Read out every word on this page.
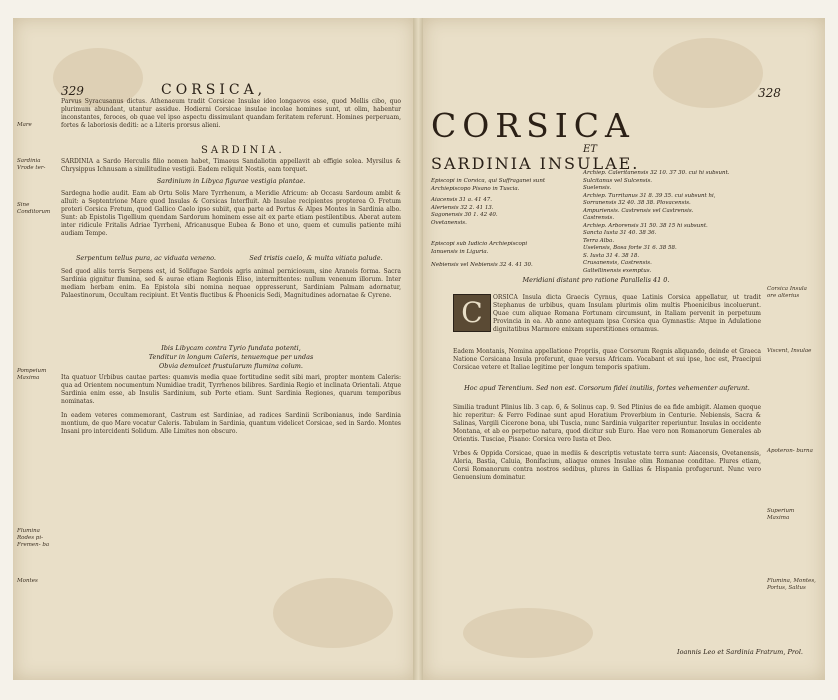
329	CORSICA,

Parvus Syracusanus dictus. Athenaeum tradit Corsicae Insulae ideo longaevos esse, quod Mellis cibo, quo plurimum abundant, utantur assidue. Hodierni Corsicae insulae incolae homines sunt, ut olim, habentur inconstantes, feroces, ob quae vel ipso aspectu dissimulant quandam feritatem referunt. Homines perperuam, fortes & laboriosis dediti: ac a Literis prorsus alieni.

SARDINIA.

SARDINIA a Sardo Herculis filio nomen habet, Timaeus Sandaliotin appellavit ab effigie solea. Myrsilus & Chrysippus Ichnusam a similitudine vestigii. Eadem reliquit Nostis, eam torquet.

Sardinium in Libyca figurae vestigia plantae.

Sardegna hodie audit. Eam ab Ortu Solis Mare Tyrrhenum, a Meridie Africum: ab Occasu Sardoum ambit & alluit: a Septentrione Mare quod Insulas & Corsicas Interfluit. Ab Insulae recipientes propterea O. Fretum proteri Corsica Fretum, quod Gallico Caelo ipso subiit, qua parte ad Portus & Alpes Montes in Sardinia albo. Sunt: ab Epistolis Tigellium quendam Sardorum hominem esse ait ex parte etiam pestilentibus. Aberat autem inter ridicule Fritalis Adriae Tyrrheni, Africanusque Eubea & Bono et uno, quem et cumulis patiente mihi audiam Tempe.

Serpentum tellus pura, ac viduata veneno.	Sed tristis caelo, & multa vitiata palude.

Sed quod aliis terris Serpens est, id Solifugae Sardois agris animal perniciosum, sine Araneis forma. Sacra Sardinia gignitur flumina, sed & aurae etiam Regionis Eliso, intermittentes: nullum venenum illorum. Inter mediam herbam enim. Ea Epistola sibi nomina nequae oppresserunt, Sardiniam Palmam adornatur, Palaestinorum, Occultam recipiunt. Et Ventis fluctibus & Phoenicis Sedi, Magnitudines adornatae & Cyrene.

Ibis Libycam contra Tyrio fundata potenti,
Tenditur in longum Caleris, tenuemque per undas
Obvia demulcet frustularum flumina colum.

Ita quatuor Urbibus cautae partes: quamvis media quae fortitudine sedit sibi mari, propter montem Caleris: qua ad Orientem nocumentum Numidiae tradit, Tyrrhenos bilibres. Sardinia Regio et inclinata Orientali. Atque Sardinia enim esse, ab Insulis Sardinium, sub Porte etiam. Sunt Sardinia Regiones, quarum temporibus nominatas.

In eadem veteres commemorant, Castrum est Sardiniae, ad radices Sardinii Scribonianus, inde Sardinia montium, de quo Mare vocatur Caleris. Tabulam in Sardinia, quantum videlicet Corsicae, sed in Sardo. Montes Insani pro intercidenti Solidum. Alle Limites non obscuro.

Mare
Sardinia Vrode ter-
Sine Conditorum
Pompeium Maxima
Flumina Rodes pi- Fremen- ba
Montes
328
CORSICA
ET
SARDINIA INSULAE.
Episcopi in Corsica, qui Suffraganei sunt
Archiepiscopo Pisano in Tuscia.
Aiacensis 31 a. 41 47.
Aleriensis 32 2. 41 13.
Sagonensis 30 1. 42 40.
Ovetanensis.
Episcopi sub Iudicio Archiepiscopi
Ianuensis in Liguria.
Nebiensis vel Nebiensis 32 4. 41 30.
Archiep. Caleritanensis 32 10. 37 30. cui hi subsunt.
Sulcitanus vel Sulcensis.
Suelensis.
Archiep. Turritanus 31 8. 39 35. cui subsunt hi,
Sorranensis 32 40. 38 38. Plovacensis.
Ampuriensis. Castrensis vel Castrensis.
Castrensis.
Archiep. Arborensis 31 50. 38 15 hi subsunt.
Sancta Iusta 31 40. 38 36.
Terra Alba.
Uselensis, Bosa forte 31 6. 38 58.
S. Iusta 31 4. 38 18.
Crusanensis, Castrensis.
Galtellinensis exemptus.
Meridiani distant pro ratione Parallelis 41 0.
C	ORSICA Insula dicta Graecis Cyrnus, quae Latinis Corsica appellatur, ut tradit Stephanus de urbibus, quam Insulam plurimis olim multis Phoenicibus incoluerunt. Quae cum aliquae Romana Fortunam circumsunt, in Italiam pervenit in perpetuum Provincia in ea. Ab anno antequam ipsa Corsica qua Gymnastis: Atque in Adulatione dignitatibus Marmore enixam superstitiones ornamus.

Eadem Montanis, Nomina appellatione Propriis, quae Corsorum Regnis aliquando, deinde et Graeca Natione Corsicana Insula proferunt, quae versus Africam. Vocabant et sui ipse, hoc est, Praecipui Corsicae vetere et Italiae legitime per longum temporis spatium.

Hoc apud Terentium. Sed non est. Corsorum fidei inutilis, fortes vehementer auferunt.

Similia tradunt Plinius lib. 3 cap. 6, & Solinus cap. 9. Sed Plinius de ea fide ambigit. Alamen quoque hic reperitur: & Ferro Fodinae sunt apud Horatium Proverbium in Centurie. Nebiensis, Sacra & Salinas, Vargili Cicerone bona, ubi Tuscia, nunc Sardinia vulgariter reperiuntur. Insulas in occidente Montana, et ab eo perpetuo natura, quod dicitur sub Euro. Hae vero non Romanorum Generales ab Orientis. Tusciae, Pisano: Corsica vero Iusta et Deo.

Vrbes & Oppida Corsicae, quae in mediis & descriptis vetustate terra sunt: Aiacensis, Ovetanensis, Aleria, Bastia, Caluia, Bonifacium, aliaque omnes Insulae olim Romanae conditae. Plures etiam, Corsi Romanorum contra nostros sedibus, plures in Gallias & Hispania profugerunt. Nunc vero Genuensium dominatur.

Ioannis Leo et Sardinia Fratrum, Prol.
Corsica Insula ore alterius
Viscent, Insulae
Apoteron- burna
Superium Maxima
Flumina, Montes, Portus, Saltus
